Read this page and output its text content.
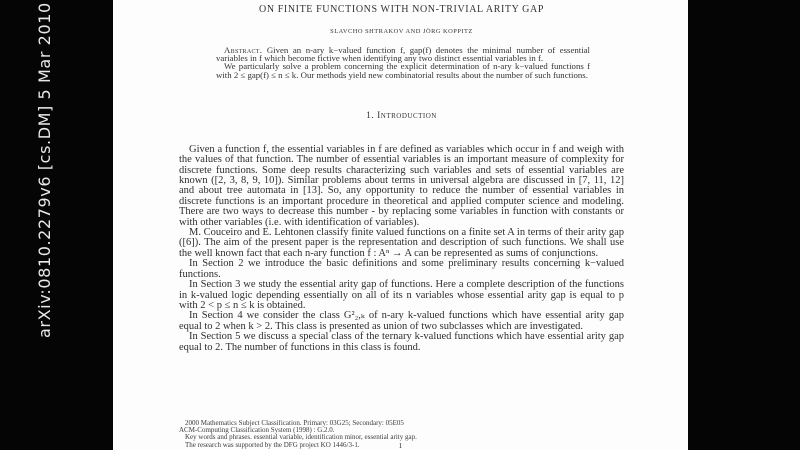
arXiv:0810.2279v6 [cs.DM] 5 Mar 2010	ON FINITE FUNCTIONS WITH NON-TRIVIAL ARITY GAP
SLAVCHO SHTRAKOV AND JÖRG KOPPITZ

Abstract. Given an n-ary k−valued function f, gap(f) denotes the minimal number of essential variables in f which become fictive when identifying any two distinct essential variables in f.

We particularly solve a problem concerning the explicit determination of n-ary k−valued functions f with 2 ≤ gap(f) ≤ n ≤ k. Our methods yield new combinatorial results about the number of such functions.

1. Introduction

Given a function f, the essential variables in f are defined as variables which occur in f and weigh with the values of that function. The number of essential variables is an important measure of complexity for discrete functions. Some deep results characterizing such variables and sets of essential variables are known ([2, 3, 8, 9, 10]). Similar problems about terms in universal algebra are discussed in [7, 11, 12] and about tree automata in [13]. So, any opportunity to reduce the number of essential variables in discrete functions is an important procedure in theoretical and applied computer science and modeling. There are two ways to decrease this number - by replacing some variables in function with constants or with other variables (i.e. with identification of variables).

M. Couceiro and E. Lehtonen classify finite valued functions on a finite set A in terms of their arity gap ([6]). The aim of the present paper is the representation and description of such functions. We shall use the well known fact that each n-ary function f : Aⁿ → A can be represented as sums of conjunctions.

In Section 2 we introduce the basic definitions and some preliminary results concerning k−valued functions.

In Section 3 we study the essential arity gap of functions. Here a complete description of the functions in k-valued logic depending essentially on all of its n variables whose essential arity gap is equal to p with 2 < p ≤ n ≤ k is obtained.

In Section 4 we consider the class G²₂,ₖ of n-ary k-valued functions which have essential arity gap equal to 2 when k > 2. This class is presented as union of two subclasses which are investigated.

In Section 5 we discuss a special class of the ternary k-valued functions which have essential arity gap equal to 2. The number of functions in this class is found.

2000 Mathematics Subject Classification. Primary: 03G25; Secondary: 05E05
ACM-Computing Classification System (1998) : G.2.0.
Key words and phrases. essential variable, identification minor, essential arity gap.
The research was supported by the DFG project KO 1446/3-1.	1
